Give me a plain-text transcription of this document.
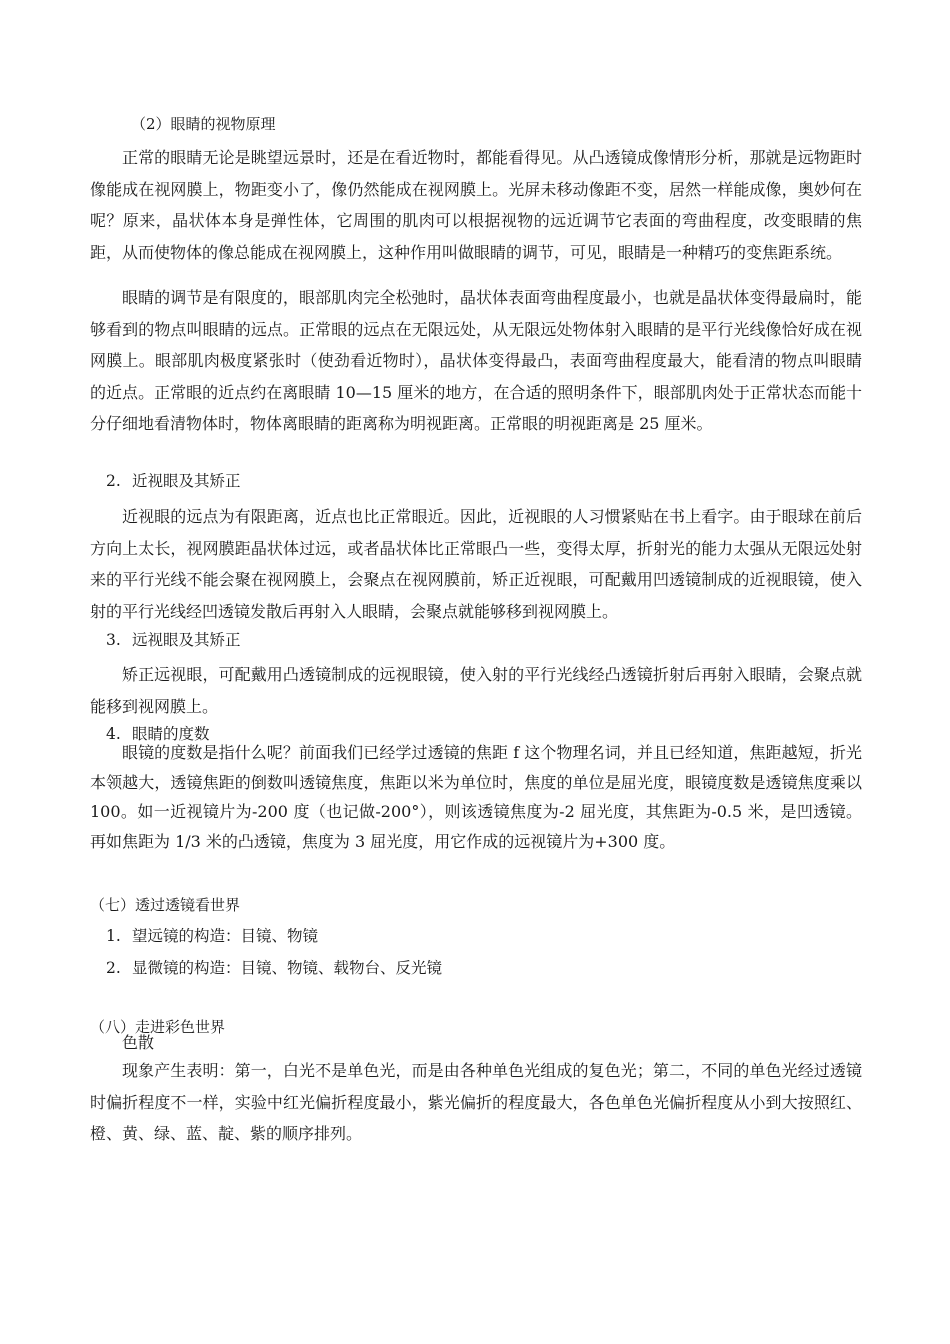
（2）眼睛的视物原理

正常的眼睛无论是眺望远景时，还是在看近物时，都能看得见。从凸透镜成像情形分析，那就是远物距时像能成在视网膜上，物距变小了，像仍然能成在视网膜上。光屏未移动像距不变，居然一样能成像，奥妙何在呢？原来，晶状体本身是弹性体，它周围的肌肉可以根据视物的远近调节它表面的弯曲程度，改变眼睛的焦距，从而使物体的像总能成在视网膜上，这种作用叫做眼睛的调节，可见，眼睛是一种精巧的变焦距系统。

眼睛的调节是有限度的，眼部肌肉完全松弛时，晶状体表面弯曲程度最小，也就是晶状体变得最扁时，能够看到的物点叫眼睛的远点。正常眼的远点在无限远处，从无限远处物体射入眼睛的是平行光线像恰好成在视网膜上。眼部肌肉极度紧张时（使劲看近物时），晶状体变得最凸，表面弯曲程度最大，能看清的物点叫眼睛的近点。正常眼的近点约在离眼睛 10—15 厘米的地方，在合适的照明条件下，眼部肌肉处于正常状态而能十分仔细地看清物体时，物体离眼睛的距离称为明视距离。正常眼的明视距离是 25 厘米。

2. 近视眼及其矫正

近视眼的远点为有限距离，近点也比正常眼近。因此，近视眼的人习惯紧贴在书上看字。由于眼球在前后方向上太长，视网膜距晶状体过远，或者晶状体比正常眼凸一些，变得太厚，折射光的能力太强从无限远处射来的平行光线不能会聚在视网膜上，会聚点在视网膜前，矫正近视眼，可配戴用凹透镜制成的近视眼镜，使入射的平行光线经凹透镜发散后再射入人眼睛，会聚点就能够移到视网膜上。

3. 远视眼及其矫正

矫正远视眼，可配戴用凸透镜制成的远视眼镜，使入射的平行光线经凸透镜折射后再射入眼睛，会聚点就能移到视网膜上。

4. 眼睛的度数

眼镜的度数是指什么呢？前面我们已经学过透镜的焦距 f 这个物理名词，并且已经知道，焦距越短，折光本领越大，透镜焦距的倒数叫透镜焦度，焦距以米为单位时，焦度的单位是屈光度，眼镜度数是透镜焦度乘以 100。如一近视镜片为-200 度（也记做-200°），则该透镜焦度为-2 屈光度，其焦距为-0.5 米，是凹透镜。再如焦距为 1/3 米的凸透镜，焦度为 3 屈光度，用它作成的远视镜片为+300 度。

（七）透过透镜看世界
1. 望远镜的构造：目镜、物镜
2. 显微镜的构造：目镜、物镜、载物台、反光镜
（八）走进彩色世界
色散

现象产生表明：第一，白光不是单色光，而是由各种单色光组成的复色光；第二，不同的单色光经过透镜时偏折程度不一样，实验中红光偏折程度最小，紫光偏折的程度最大，各色单色光偏折程度从小到大按照红、橙、黄、绿、蓝、靛、紫的顺序排列。
